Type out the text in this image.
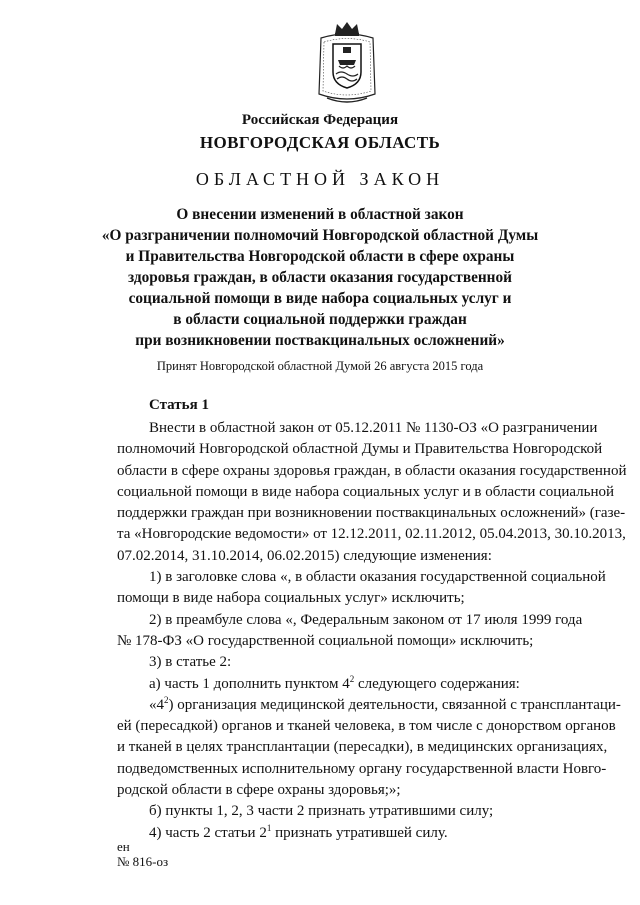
Российская Федерация
НОВГОРОДСКАЯ ОБЛАСТЬ
ОБЛАСТНОЙ ЗАКОН
О внесении изменений в областной закон
«О разграничении полномочий Новгородской областной Думы
и Правительства Новгородской области в сфере охраны
здоровья граждан, в области оказания государственной
социальной помощи в виде набора социальных услуг и
в области социальной поддержки граждан
при возникновении поствакцинальных осложнений»
Принят Новгородской областной Думой 26 августа 2015 года
Статья 1
Внести в областной закон от 05.12.2011 № 1130-ОЗ «О разграничении
полномочий Новгородской областной Думы и Правительства Новгородской
области в сфере охраны здоровья граждан, в области оказания государственной
социальной помощи в виде набора социальных услуг и в области социальной
поддержки граждан при возникновении поствакцинальных осложнений» (газе-
та «Новгородские ведомости» от 12.12.2011, 02.11.2012, 05.04.2013, 30.10.2013,
07.02.2014, 31.10.2014, 06.02.2015) следующие изменения:
1) в заголовке слова «, в области оказания государственной социальной
помощи в виде набора социальных услуг» исключить;
2) в преамбуле слова «, Федеральным законом от 17 июля 1999 года
№ 178-ФЗ «О государственной социальной помощи» исключить;
3) в статье 2:
а) часть 1 дополнить пунктом $4^2$ следующего содержания:
«$4^2$) организация медицинской деятельности, связанной с трансплантаци-
ей (пересадкой) органов и тканей человека, в том числе с донорством органов
и тканей в целях трансплантации (пересадки), в медицинских организациях,
подведомственных исполнительному органу государственной власти Новго-
родской области в сфере охраны здоровья;»;
б) пункты 1, 2, 3 части 2 признать утратившими силу;
4) часть 2 статьи $2^1$ признать утратившей силу.
ен
№ 816-оз
